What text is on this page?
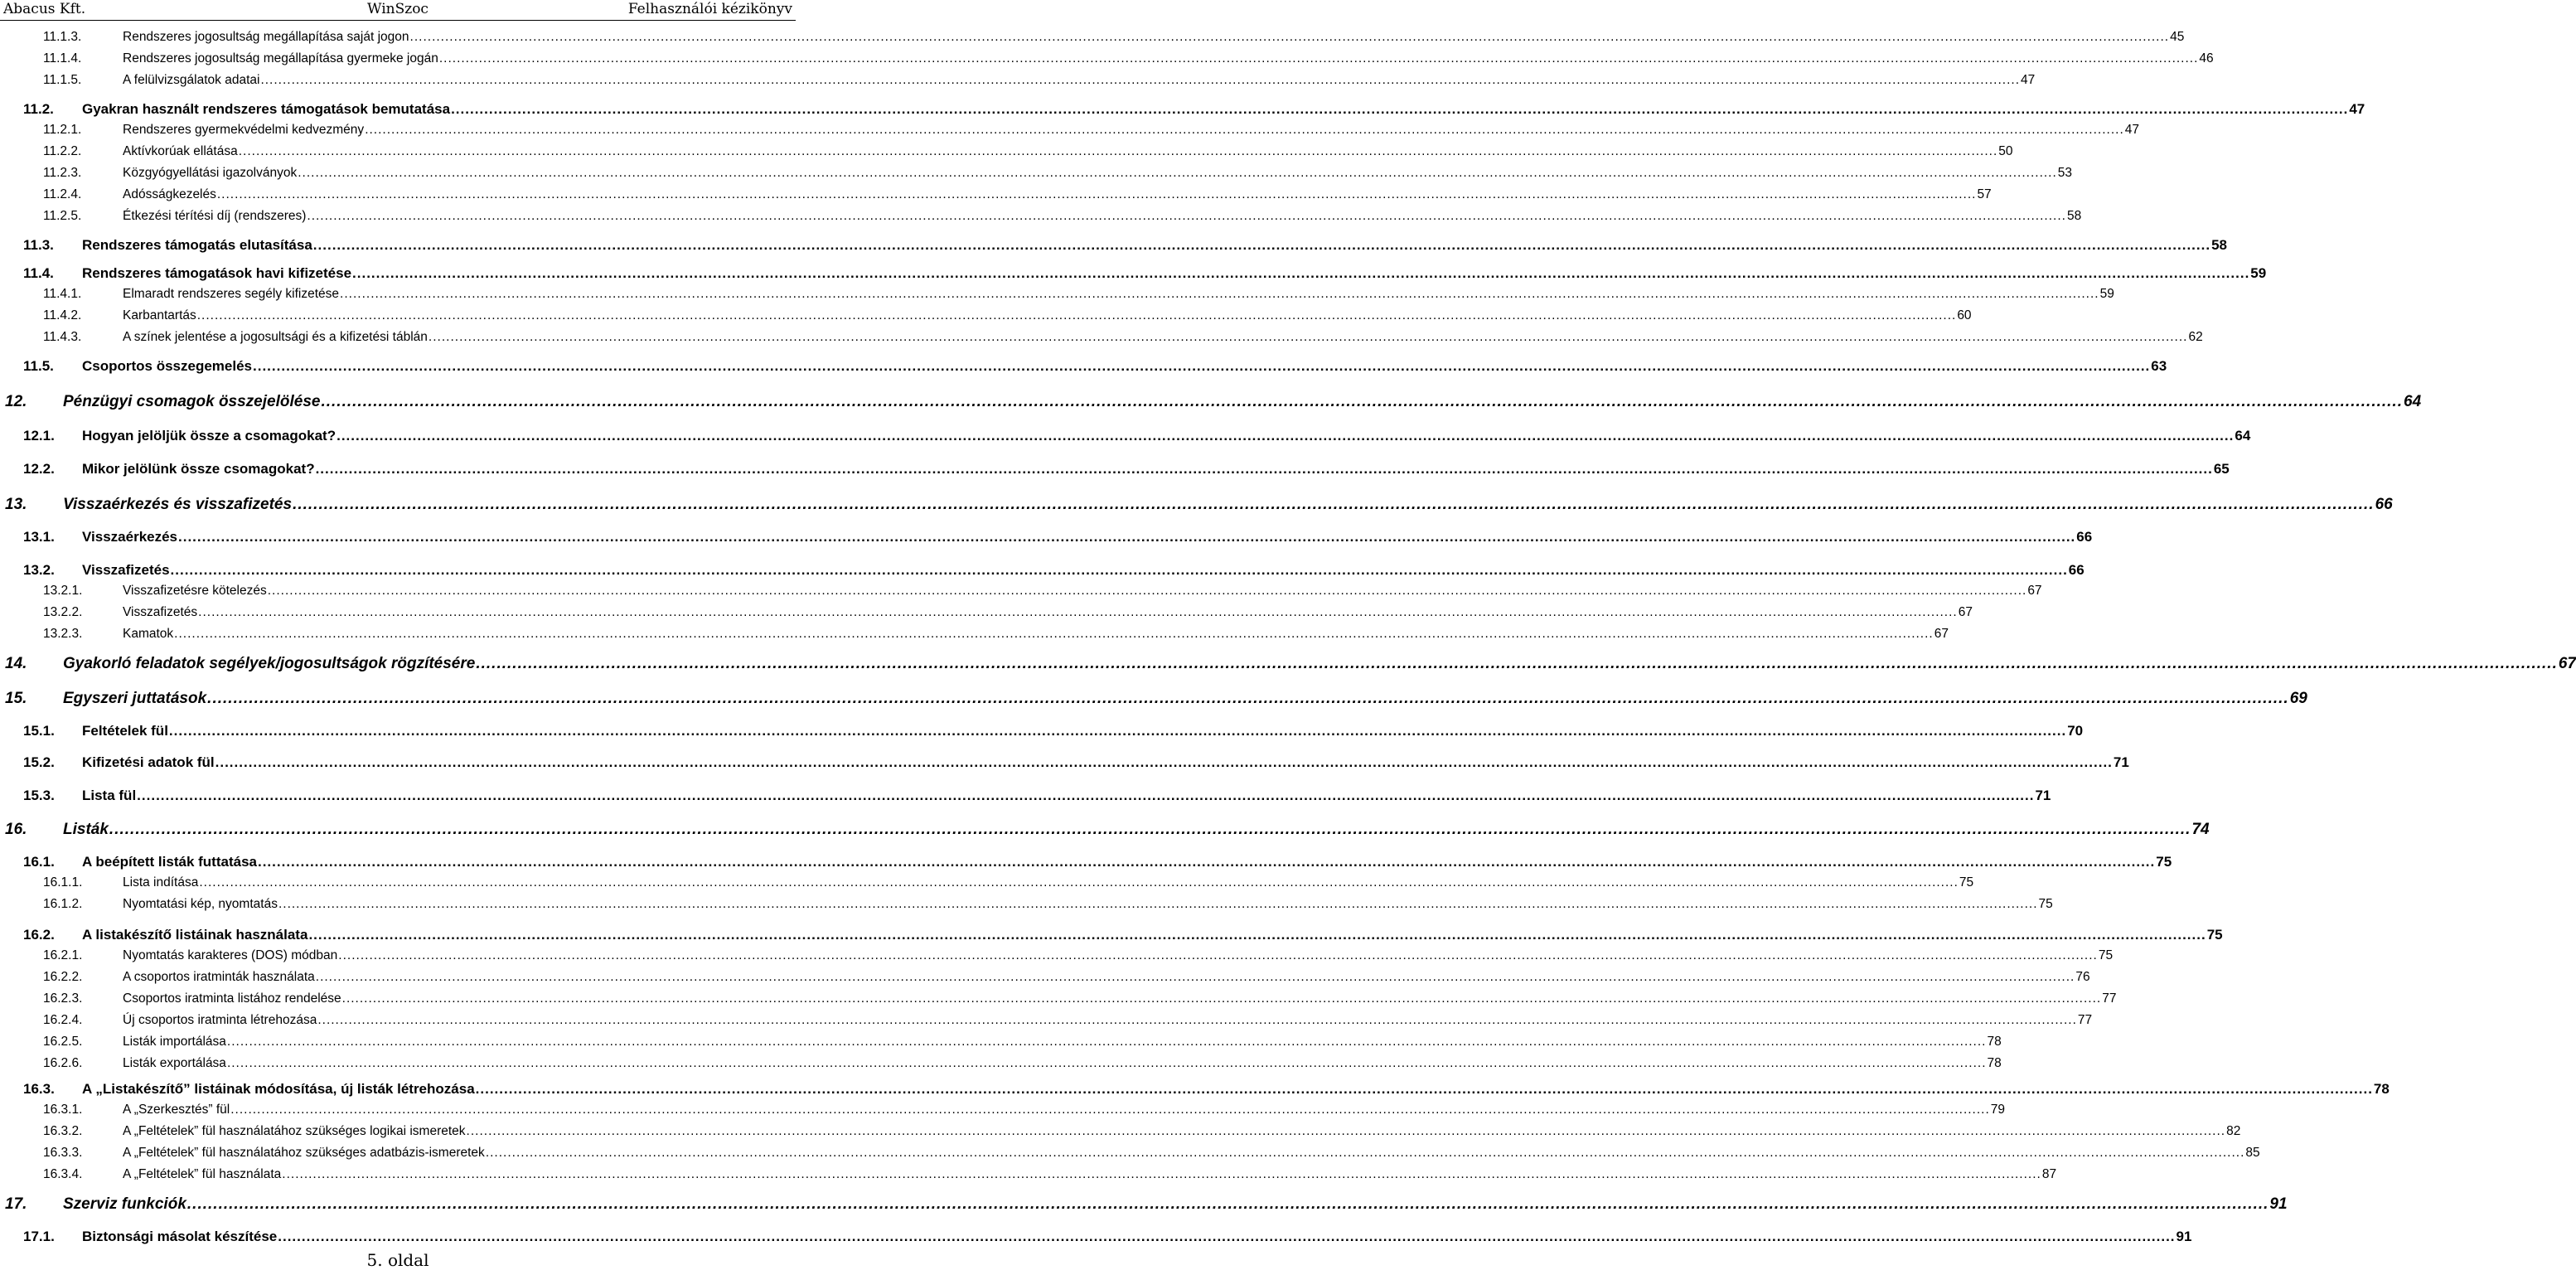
WinSzoc
Abacus Kft.	Felhasználói kézikönyv
11.1.3.	Rendszeres jogosultság megállapítása saját jogon ................................................................................................................................................................................................................................................................................................................................................................................................................ 45
11.1.4.	Rendszeres jogosultság megállapítása gyermeke jogán ................................................................................................................................................................................................................................................................................................................................................................................................................ 46
11.1.5.	A felülvizsgálatok adatai ................................................................................................................................................................................................................................................................................................................................................................................................................ 47
11.2.	Gyakran használt rendszeres támogatások bemutatása ................................................................................................................................................................................................................................................................................................................................................................................................................ 47
11.2.1.	Rendszeres gyermekvédelmi kedvezmény ................................................................................................................................................................................................................................................................................................................................................................................................................ 47
11.2.2.	Aktívkorúak ellátása ................................................................................................................................................................................................................................................................................................................................................................................................................ 50
11.2.3.	Közgyógyellátási igazolványok ................................................................................................................................................................................................................................................................................................................................................................................................................ 53
11.2.4.	Adósságkezelés ................................................................................................................................................................................................................................................................................................................................................................................................................ 57
11.2.5.	Étkezési térítési díj (rendszeres) ................................................................................................................................................................................................................................................................................................................................................................................................................ 58
11.3.	Rendszeres támogatás elutasítása ................................................................................................................................................................................................................................................................................................................................................................................................................ 58
11.4.	Rendszeres támogatások havi kifizetése ................................................................................................................................................................................................................................................................................................................................................................................................................ 59
11.4.1.	Elmaradt rendszeres segély kifizetése ................................................................................................................................................................................................................................................................................................................................................................................................................ 59
11.4.2.	Karbantartás ................................................................................................................................................................................................................................................................................................................................................................................................................ 60
11.4.3.	A színek jelentése a jogosultsági és a kifizetési táblán ................................................................................................................................................................................................................................................................................................................................................................................................................ 62
11.5.	Csoportos összegemelés ................................................................................................................................................................................................................................................................................................................................................................................................................ 63
12.	Pénzügyi csomagok összejelölése ................................................................................................................................................................................................................................................................................................................................................................................................................ 64
12.1.	Hogyan jelöljük össze a csomagokat? ................................................................................................................................................................................................................................................................................................................................................................................................................ 64
12.2.	Mikor jelölünk össze csomagokat? ................................................................................................................................................................................................................................................................................................................................................................................................................ 65
13.	Visszaérkezés és visszafizetés ................................................................................................................................................................................................................................................................................................................................................................................................................ 66
13.1.	Visszaérkezés ................................................................................................................................................................................................................................................................................................................................................................................................................ 66
13.2.	Visszafizetés ................................................................................................................................................................................................................................................................................................................................................................................................................ 66
13.2.1.	Visszafizetésre kötelezés ................................................................................................................................................................................................................................................................................................................................................................................................................ 67
13.2.2.	Visszafizetés ................................................................................................................................................................................................................................................................................................................................................................................................................ 67
13.2.3.	Kamatok ................................................................................................................................................................................................................................................................................................................................................................................................................ 67
14.	Gyakorló feladatok segélyek/jogosultságok rögzítésére ................................................................................................................................................................................................................................................................................................................................................................................................................ 67
15.	Egyszeri juttatások ................................................................................................................................................................................................................................................................................................................................................................................................................ 69
15.1.	Feltételek fül ................................................................................................................................................................................................................................................................................................................................................................................................................ 70
15.2.	Kifizetési adatok fül ................................................................................................................................................................................................................................................................................................................................................................................................................ 71
15.3.	Lista fül ................................................................................................................................................................................................................................................................................................................................................................................................................ 71
16.	Listák ................................................................................................................................................................................................................................................................................................................................................................................................................ 74
16.1.	A beépített listák futtatása ................................................................................................................................................................................................................................................................................................................................................................................................................ 75
16.1.1.	Lista indítása ................................................................................................................................................................................................................................................................................................................................................................................................................ 75
16.1.2.	Nyomtatási kép, nyomtatás ................................................................................................................................................................................................................................................................................................................................................................................................................ 75
16.2.	A listakészítő listáinak használata ................................................................................................................................................................................................................................................................................................................................................................................................................ 75
16.2.1.	Nyomtatás karakteres (DOS) módban ................................................................................................................................................................................................................................................................................................................................................................................................................ 75
16.2.2.	A csoportos iratminták használata ................................................................................................................................................................................................................................................................................................................................................................................................................ 76
16.2.3.	Csoportos iratminta listához rendelése ................................................................................................................................................................................................................................................................................................................................................................................................................ 77
16.2.4.	Új csoportos iratminta létrehozása ................................................................................................................................................................................................................................................................................................................................................................................................................ 77
16.2.5.	Listák importálása ................................................................................................................................................................................................................................................................................................................................................................................................................ 78
16.2.6.	Listák exportálása ................................................................................................................................................................................................................................................................................................................................................................................................................ 78
16.3.	A „Listakészítő” listáinak módosítása, új listák létrehozása ................................................................................................................................................................................................................................................................................................................................................................................................................ 78
16.3.1.	A „Szerkesztés” fül ................................................................................................................................................................................................................................................................................................................................................................................................................ 79
16.3.2.	A „Feltételek” fül használatához szükséges logikai ismeretek ................................................................................................................................................................................................................................................................................................................................................................................................................ 82
16.3.3.	A „Feltételek” fül használatához szükséges adatbázis-ismeretek ................................................................................................................................................................................................................................................................................................................................................................................................................ 85
16.3.4.	A „Feltételek” fül használata ................................................................................................................................................................................................................................................................................................................................................................................................................ 87
17.	Szerviz funkciók ................................................................................................................................................................................................................................................................................................................................................................................................................ 91
17.1.	Biztonsági másolat készítése ................................................................................................................................................................................................................................................................................................................................................................................................................ 91
5. oldal
